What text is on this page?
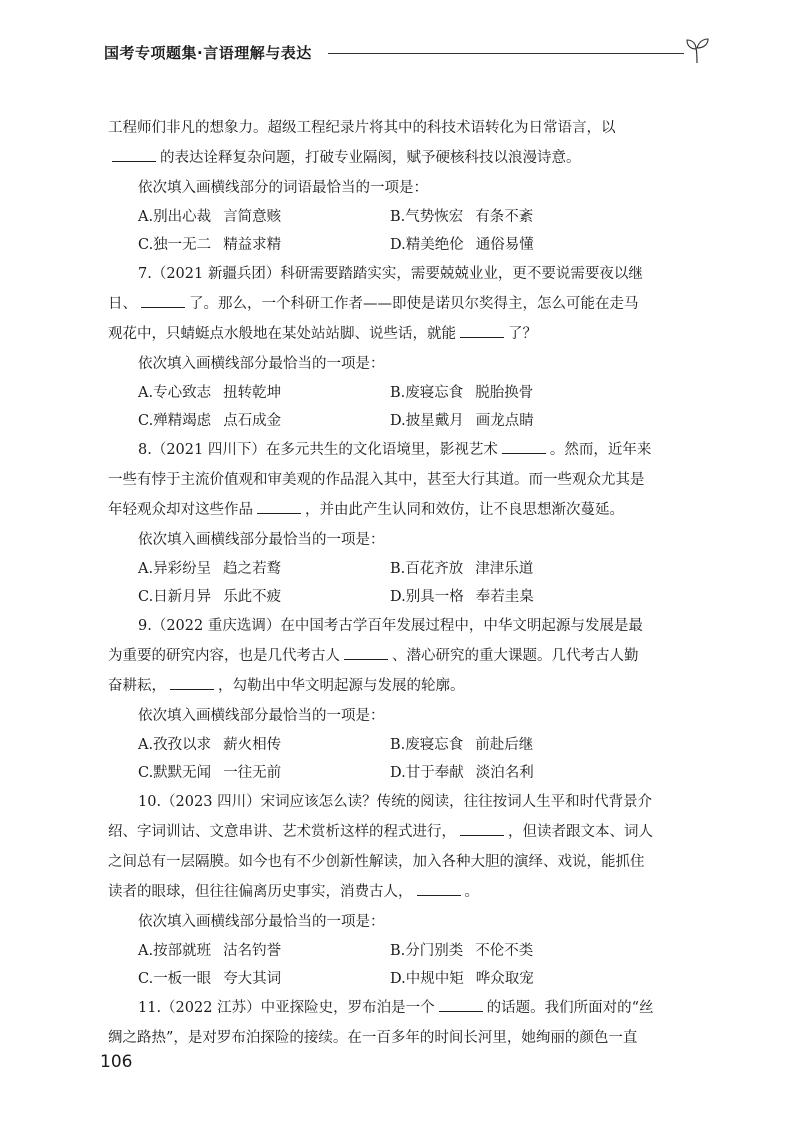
国考专项题集·言语理解与表达

工程师们非凡的想象力。超级工程纪录片将其中的科技术语转化为日常语言，以

的表达诠释复杂问题，打破专业隔阂，赋予硬核科技以浪漫诗意。

依次填入画横线部分的词语最恰当的一项是：

A.别出心裁 言简意赅	B.气势恢宏 有条不紊
C.独一无二 精益求精	D.精美绝伦 通俗易懂

7.（2021 新疆兵团）科研需要踏踏实实，需要兢兢业业，更不要说需要夜以继

日、	了。那么，一个科研工作者——即使是诺贝尔奖得主，怎么可能在走马

观花中，只蜻蜓点水般地在某处站站脚、说些话，就能	了？

依次填入画横线部分最恰当的一项是：

A.专心致志 扭转乾坤	B.废寝忘食 脱胎换骨
C.殚精竭虑 点石成金	D.披星戴月 画龙点睛

8.（2021 四川下）在多元共生的文化语境里，影视艺术	。然而，近年来

一些有悖于主流价值观和审美观的作品混入其中，甚至大行其道。而一些观众尤其是

年轻观众却对这些作品	，并由此产生认同和效仿，让不良思想渐次蔓延。

依次填入画横线部分最恰当的一项是：

A.异彩纷呈 趋之若鹜	B.百花齐放 津津乐道
C.日新月异 乐此不疲	D.别具一格 奉若圭臬

9.（2022 重庆选调）在中国考古学百年发展过程中，中华文明起源与发展是最

为重要的研究内容，也是几代考古人	、潜心研究的重大课题。几代考古人勤

奋耕耘，	，勾勒出中华文明起源与发展的轮廓。

依次填入画横线部分最恰当的一项是：

A.孜孜以求 薪火相传	B.废寝忘食 前赴后继
C.默默无闻 一往无前	D.甘于奉献 淡泊名利

10.（2023 四川）宋词应该怎么读？传统的阅读，往往按词人生平和时代背景介

绍、字词训诂、文意串讲、艺术赏析这样的程式进行，	，但读者跟文本、词人

之间总有一层隔膜。如今也有不少创新性解读，加入各种大胆的演绎、戏说，能抓住

读者的眼球，但往往偏离历史事实，消费古人，	。

依次填入画横线部分最恰当的一项是：

A.按部就班 沽名钓誉	B.分门别类 不伦不类
C.一板一眼 夸大其词	D.中规中矩 哗众取宠

11.（2022 江苏）中亚探险史，罗布泊是一个	的话题。我们所面对的“丝

绸之路热”，是对罗布泊探险的接续。在一百多年的时间长河里，她绚丽的颜色一直

106
